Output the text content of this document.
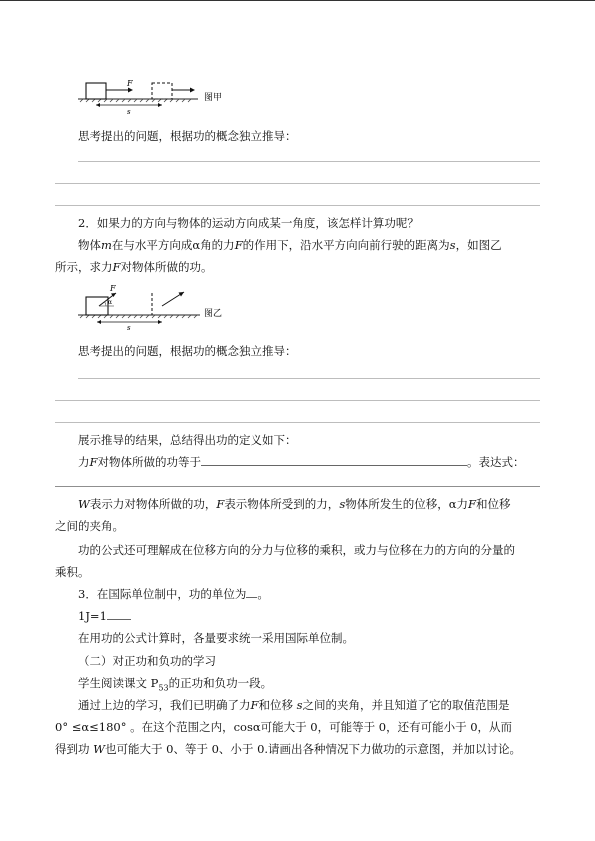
F
s
图甲
思考提出的问题，根据功的概念独立推导：
2．如果力的方向与物体的运动方向成某一角度，该怎样计算功呢？
物体m在与水平方向成α角的力F的作用下，沿水平方向向前行驶的距离为s，如图乙
所示，求力F对物体所做的功。
F
α
s
图乙
思考提出的问题，根据功的概念独立推导：
展示推导的结果，总结得出功的定义如下：
力F对物体所做的功等于	。表达式：
W表示力对物体所做的功，F表示物体所受到的力，s物体所发生的位移，α力F和位移
之间的夹角。
功的公式还可理解成在位移方向的分力与位移的乘积，或力与位移在力的方向的分量的
乘积。
3．在国际单位制中，功的单位为 。
1J=1
在用功的公式计算时，各量要求统一采用国际单位制。
（二）对正功和负功的学习
学生阅读课文 $P_{53}$的正功和负功一段。
通过上边的学习，我们已明确了力F和位移 s之间的夹角，并且知道了它的取值范围是
0° ≤α≤180° 。在这个范围之内，cosα可能大于 0，可能等于 0，还有可能小于 0，从而
得到功 W也可能大于 0、等于 0、小于 0.请画出各种情况下力做功的示意图，并加以讨论。
